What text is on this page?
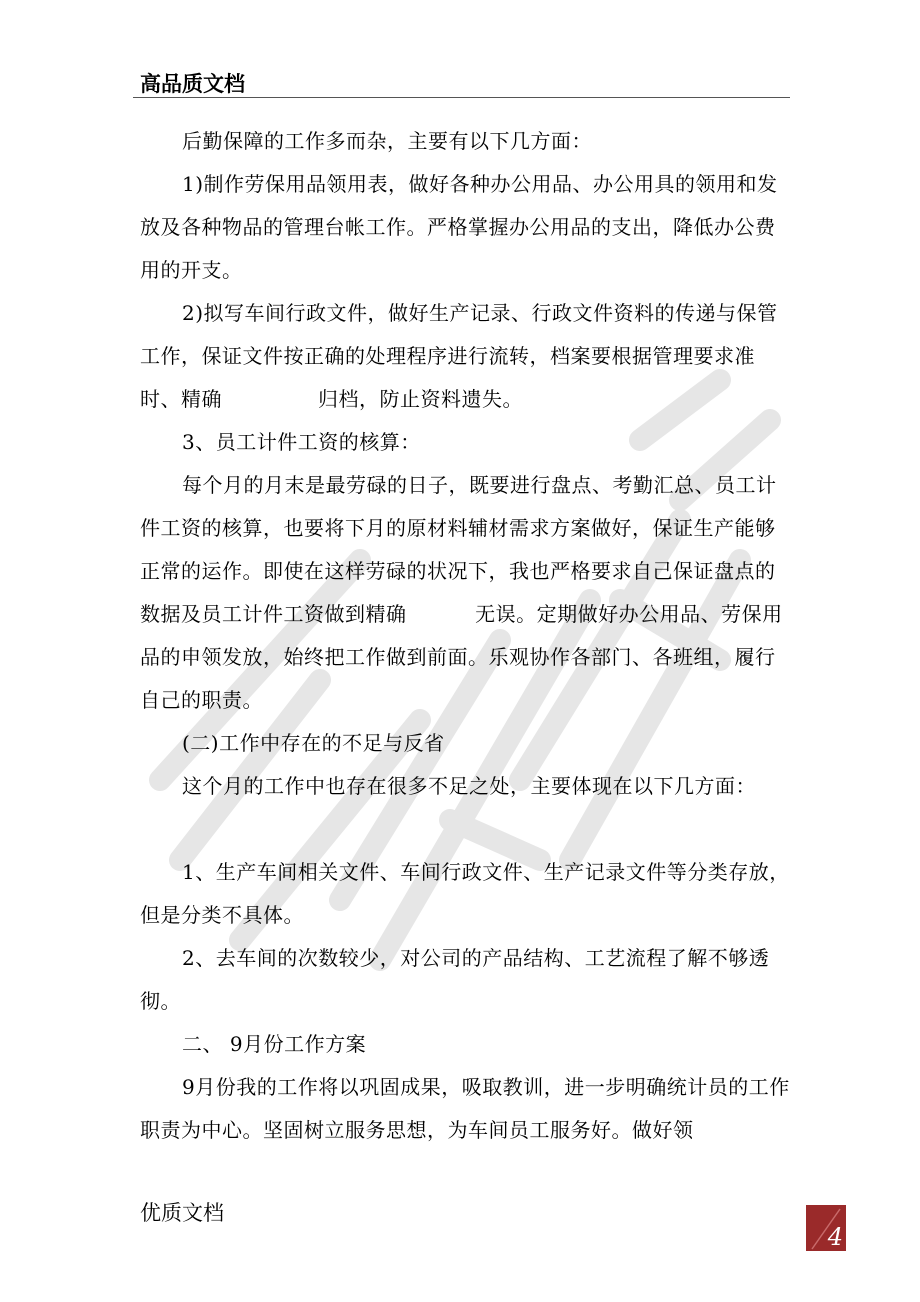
高品质文档

后勤保障的工作多而杂，主要有以下几方面：

1)制作劳保用品领用表，做好各种办公用品、办公用具的领用和发放及各种物品的管理台帐工作。严格掌握办公用品的支出，降低办公费用的开支。

2)拟写车间行政文件，做好生产记录、行政文件资料的传递与保管工作，保证文件按正确的处理程序进行流转，档案要根据管理要求准时、精确              归档，防止资料遗失。

3、员工计件工资的核算：

每个月的月末是最劳碌的日子，既要进行盘点、考勤汇总、员工计件工资的核算，也要将下月的原材料辅材需求方案做好，保证生产能够正常的运作。即使在这样劳碌的状况下，我也严格要求自己保证盘点的数据及员工计件工资做到精确          无误。定期做好办公用品、劳保用品的申领发放，始终把工作做到前面。乐观协作各部门、各班组，履行自己的职责。

(二)工作中存在的不足与反省

这个月的工作中也存在很多不足之处，主要体现在以下几方面：

1、生产车间相关文件、车间行政文件、生产记录文件等分类存放，但是分类不具体。

2、去车间的次数较少，对公司的产品结构、工艺流程了解不够透彻。

二、 9月份工作方案

9月份我的工作将以巩固成果，吸取教训，进一步明确统计员的工作职责为中心。坚固树立服务思想，为车间员工服务好。做好领

优质文档
4
